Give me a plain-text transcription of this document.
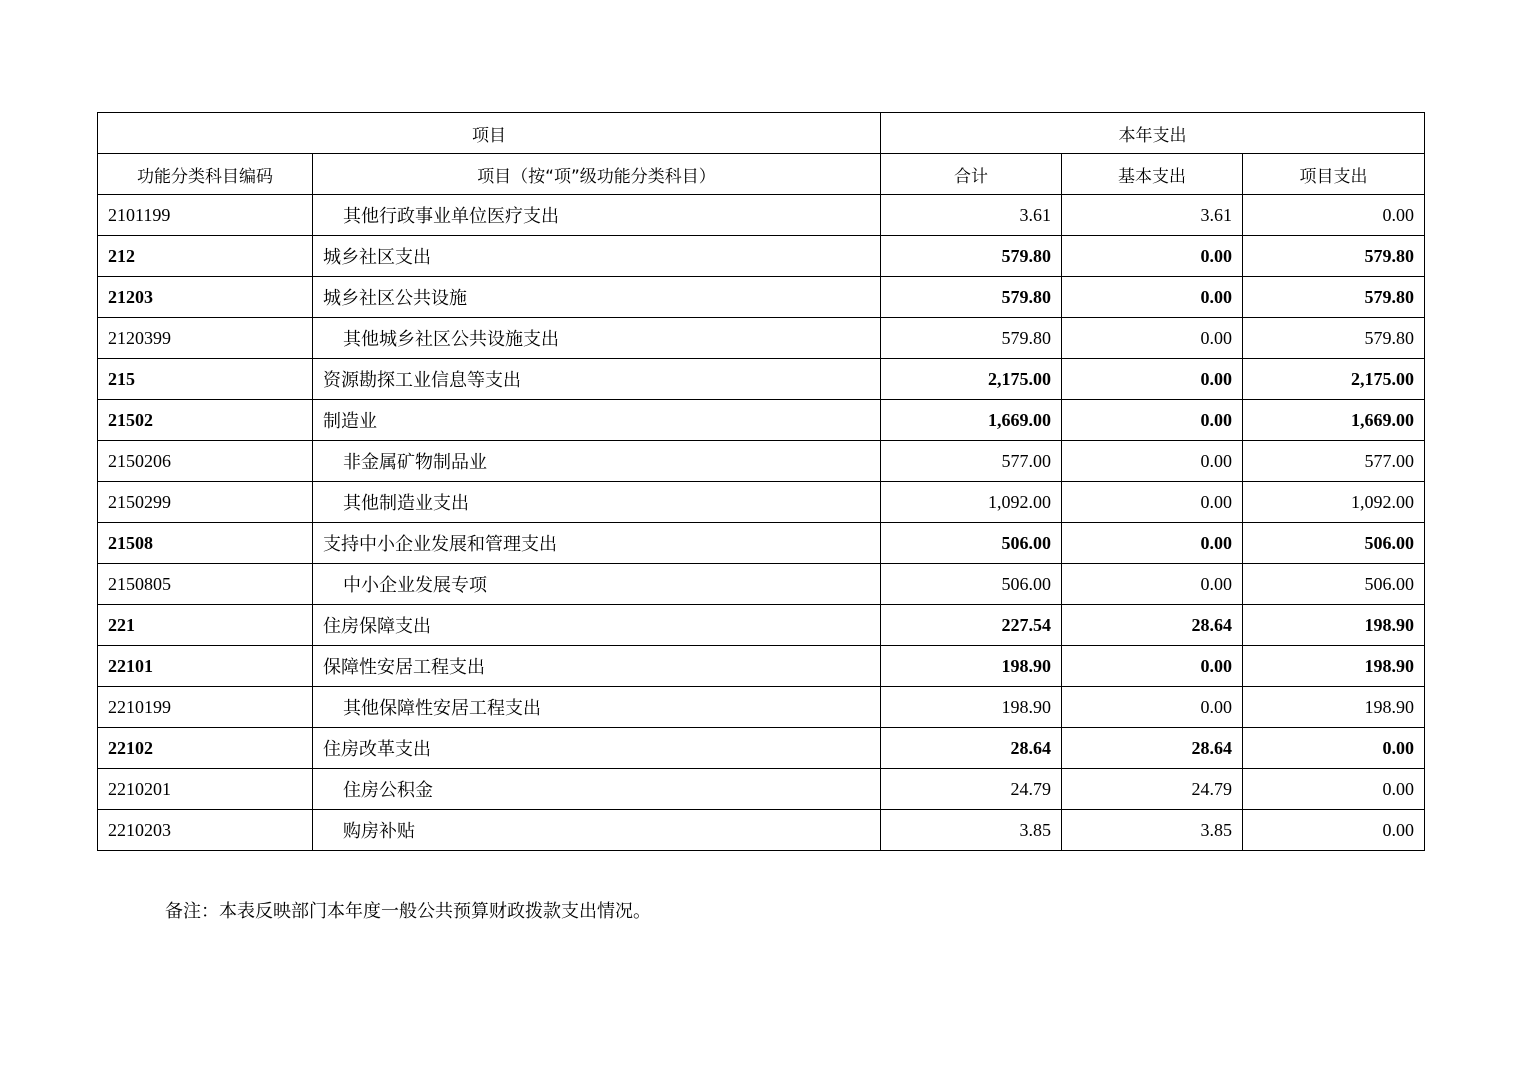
项目		本年支出		
功能分类科目编码	项目（按“项”级功能分类科目）	合计	基本支出	项目支出
2101199	其他行政事业单位医疗支出	3.61	3.61	0.00
212	城乡社区支出	579.80	0.00	579.80
21203	城乡社区公共设施	579.80	0.00	579.80
2120399	其他城乡社区公共设施支出	579.80	0.00	579.80
215	资源勘探工业信息等支出	2,175.00	0.00	2,175.00
21502	制造业	1,669.00	0.00	1,669.00
2150206	非金属矿物制品业	577.00	0.00	577.00
2150299	其他制造业支出	1,092.00	0.00	1,092.00
21508	支持中小企业发展和管理支出	506.00	0.00	506.00
2150805	中小企业发展专项	506.00	0.00	506.00
221	住房保障支出	227.54	28.64	198.90
22101	保障性安居工程支出	198.90	0.00	198.90
2210199	其他保障性安居工程支出	198.90	0.00	198.90
22102	住房改革支出	28.64	28.64	0.00
2210201	住房公积金	24.79	24.79	0.00
2210203	购房补贴	3.85	3.85	0.00
备注：本表反映部门本年度一般公共预算财政拨款支出情况。
